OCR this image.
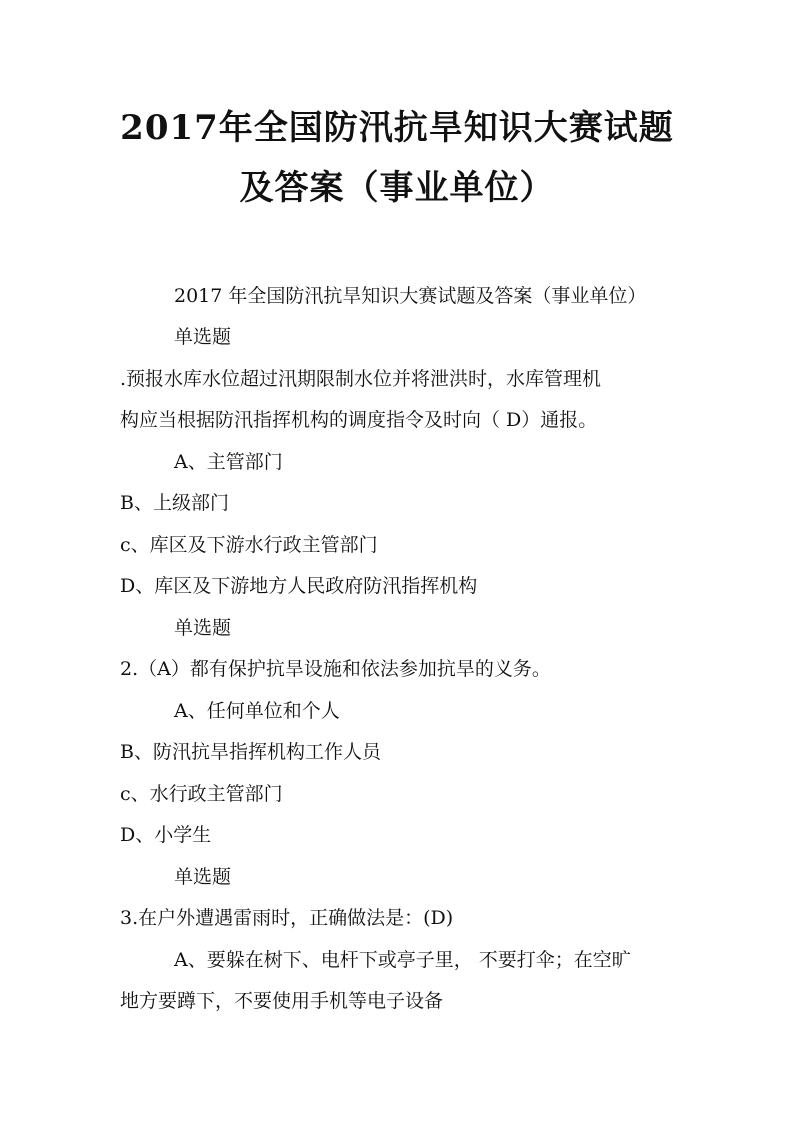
2017年全国防汛抗旱知识大赛试题
及答案（事业单位）

2017 年全国防汛抗旱知识大赛试题及答案（事业单位）

单选题

.预报水库水位超过汛期限制水位并将泄洪时，水库管理机

构应当根据防汛指挥机构的调度指令及时向（ D）通报。

A、主管部门

B、上级部门

c、库区及下游水行政主管部门

D、库区及下游地方人民政府防汛指挥机构

单选题

2.（A）都有保护抗旱设施和依法参加抗旱的义务。

A、任何单位和个人

B、防汛抗旱指挥机构工作人员

c、水行政主管部门

D、小学生

单选题

3.在户外遭遇雷雨时，正确做法是：(D)

A、要躲在树下、电杆下或亭子里， 不要打伞；在空旷

地方要蹲下，不要使用手机等电子设备
